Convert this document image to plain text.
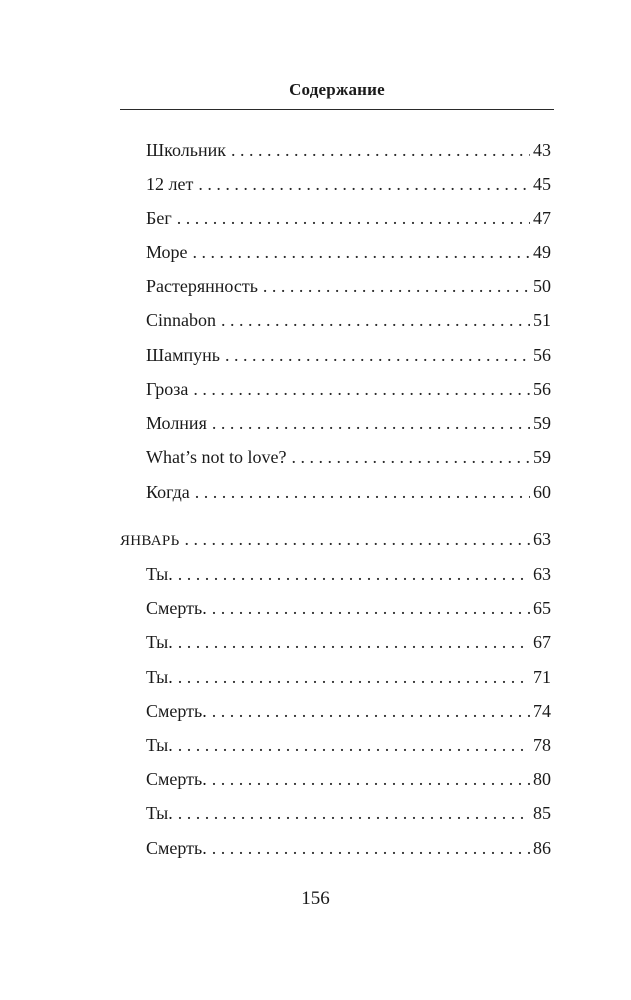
Содержание
Школьник . . .	43
12 лет . . .	45
Бег . . .	47
Море . . .	49
Растерянность . . .	50
Cinnabon . . .	51
Шампунь . . .	56
Гроза . . .	56
Молния . . .	59
What’s not to love? . . .	59
Когда . . .	60
ЯНВАРЬ . . .	63
Ты. . . .	63
Смерть. . . .	65
Ты. . . .	67
Ты. . . .	71
Смерть. . . .	74
Ты. . . .	78
Смерть. . . .	80
Ты. . . .	85
Смерть. . . .	86
156
